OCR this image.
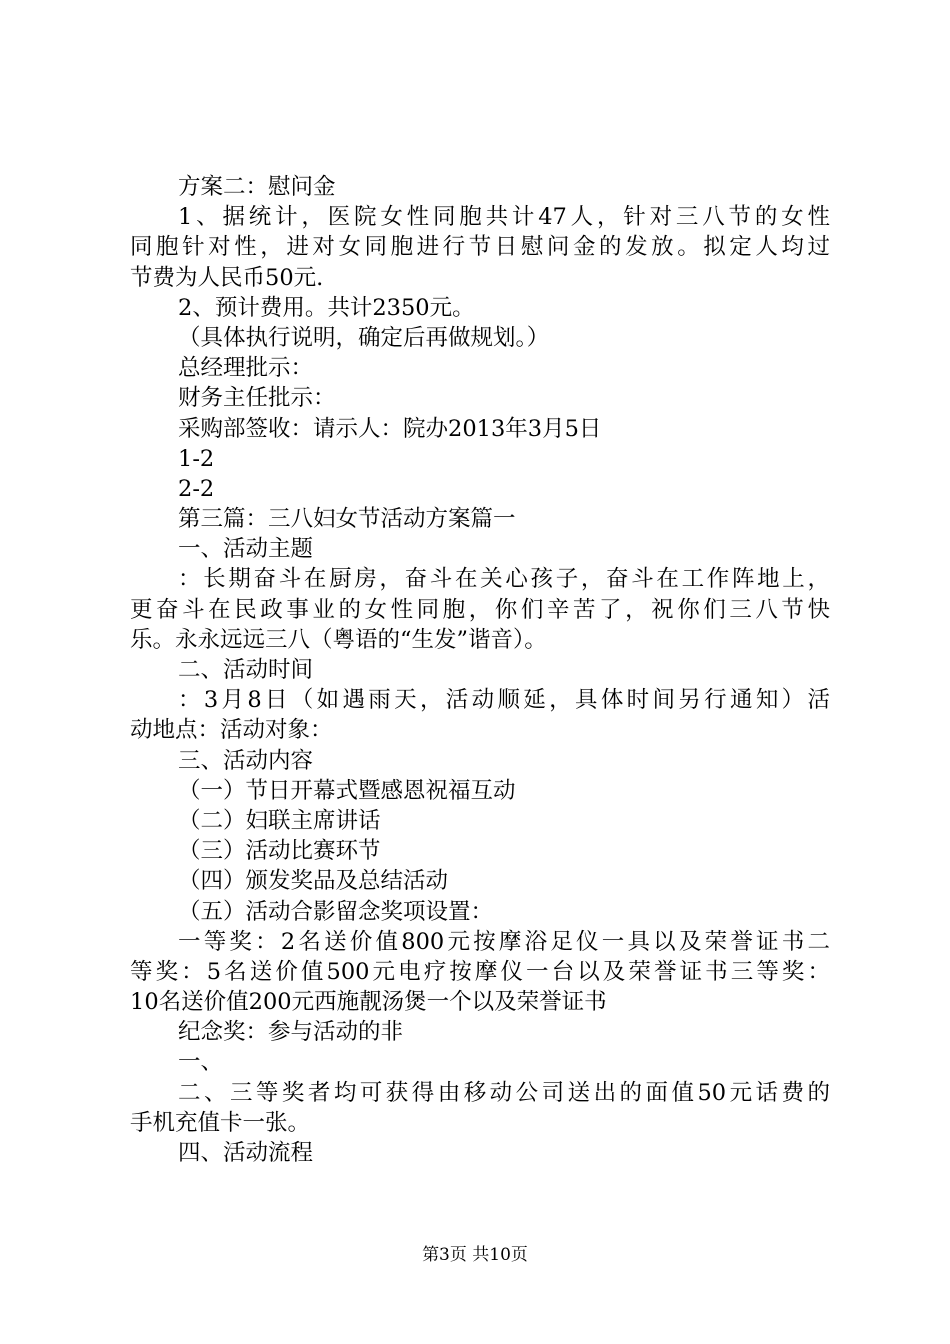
方案二：慰问金
1、据统计，医院女性同胞共计47人，针对三八节的女性
同胞针对性，进对女同胞进行节日慰问金的发放。拟定人均过
节费为人民币50元.
2、预计费用。共计2350元。
（具体执行说明，确定后再做规划。）
总经理批示：
财务主任批示：
采购部签收：请示人：院办2013年3月5日
1-2
2-2
第三篇：三八妇女节活动方案篇一
一、活动主题
：长期奋斗在厨房，奋斗在关心孩子，奋斗在工作阵地上，
更奋斗在民政事业的女性同胞，你们辛苦了，祝你们三八节快
乐。永永远远三八（粤语的“生发”谐音）。
二、活动时间
：3月8日（如遇雨天，活动顺延，具体时间另行通知）活
动地点：活动对象：
三、活动内容
（一）节日开幕式暨感恩祝福互动
（二）妇联主席讲话
（三）活动比赛环节
（四）颁发奖品及总结活动
（五）活动合影留念奖项设置：
一等奖：2名送价值800元按摩浴足仪一具以及荣誉证书二
等奖：5名送价值500元电疗按摩仪一台以及荣誉证书三等奖：
10名送价值200元西施靓汤煲一个以及荣誉证书
纪念奖：参与活动的非
一、
二、三等奖者均可获得由移动公司送出的面值50元话费的
手机充值卡一张。
四、活动流程
第3页 共10页
